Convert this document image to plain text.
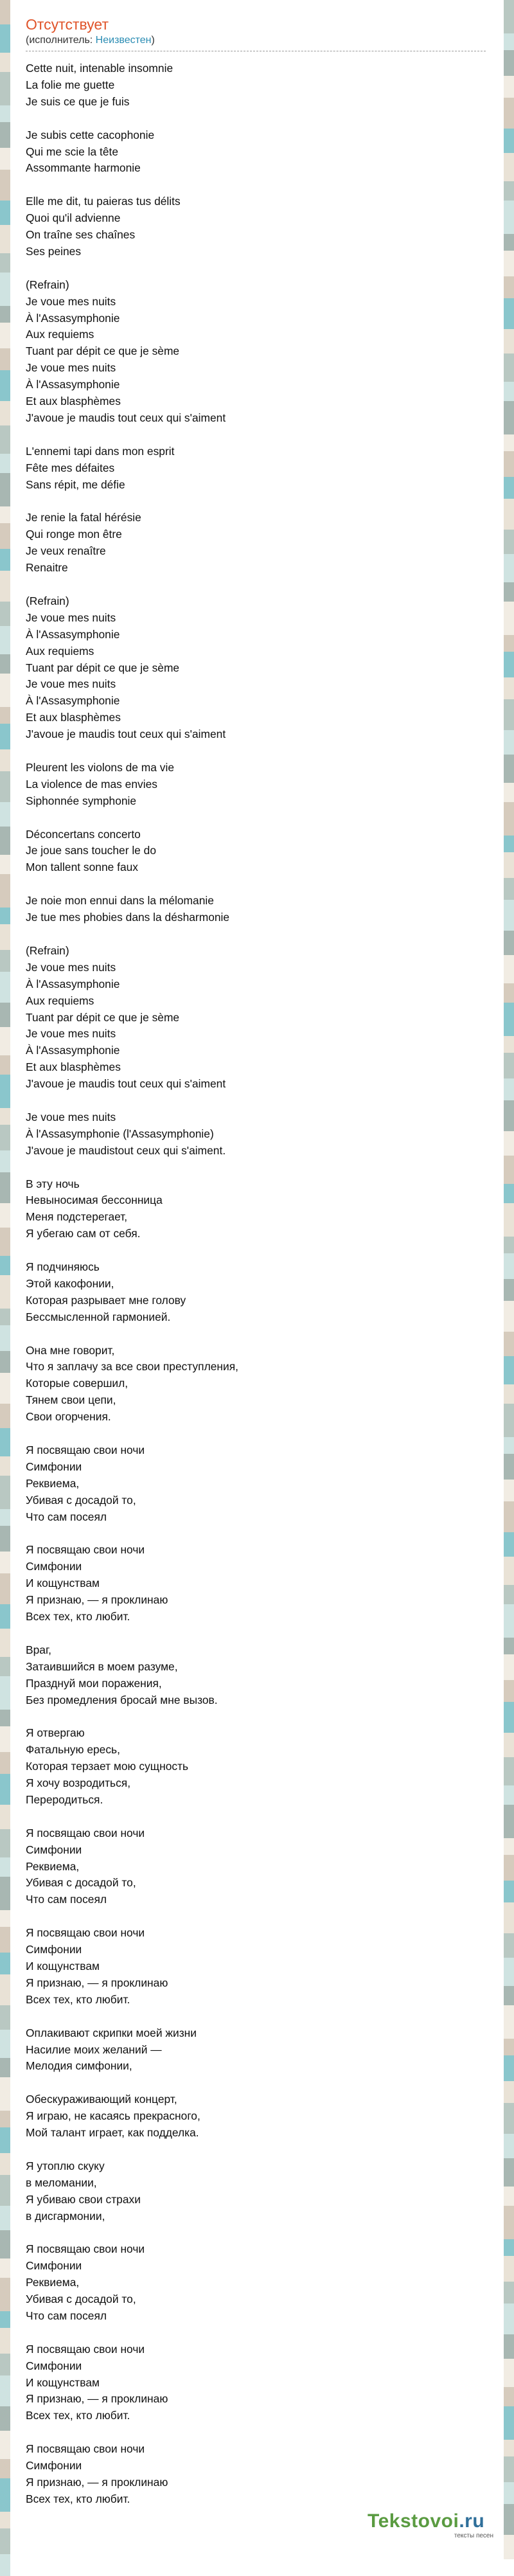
Отсутствует
(исполнитель: Неизвестен)
Cette nuit, intenable insomnie
La folie me guette
Je suis ce que je fuis
Je subis cette cacophonie
Qui me scie la tête
Assommante harmonie
Elle me dit, tu paieras tus délits
Quoi qu'il advienne
On traîne ses chaînes
Ses peines
(Refrain)
Je voue mes nuits
À l'Assasymphonie
Aux requiems
Tuant par dépit ce que je sème
Je voue mes nuits
À l'Assasymphonie
Et aux blasphèmes
J'avoue je maudis tout ceux qui s'aiment
L'ennemi tapi dans mon esprit
Fête mes défaites
Sans répit, me défie
Je renie la fatal hérésie
Qui ronge mon être
Je veux renaître
Renaitre
(Refrain)
Je voue mes nuits
À l'Assasymphonie
Aux requiems
Tuant par dépit ce que je sème
Je voue mes nuits
À l'Assasymphonie
Et aux blasphèmes
J'avoue je maudis tout ceux qui s'aiment
Pleurent les violons de ma vie
La violence de mas envies
Siphonnée symphonie
Déconcertans concerto
Je joue sans toucher le do
Mon tallent sonne faux
Je noie mon ennui dans la mélomanie
Je tue mes phobies dans la désharmonie
(Refrain)
Je voue mes nuits
À l'Assasymphonie
Aux requiems
Tuant par dépit ce que je sème
Je voue mes nuits
À l'Assasymphonie
Et aux blasphèmes
J'avoue je maudis tout ceux qui s'aiment
Je voue mes nuits
À l'Assasymphonie (l'Assasymphonie)
J'avoue je maudistout ceux qui s'aiment.
В эту ночь
Невыносимая бессонница
Меня подстерегает,
Я убегаю сам от себя.
Я подчиняюсь
Этой какофонии,
Которая разрывает мне голову
Бессмысленной гармонией.
Она мне говорит,
Что я заплачу за все свои преступления,
Которые совершил,
Тянем свои цепи,
Свои огорчения.
Я посвящаю свои ночи
Симфонии
Реквиема,
Убивая с досадой то,
Что сам посеял
Я посвящаю свои ночи
Симфонии
И кощунствам
Я признаю, — я проклинаю
Всех тех, кто любит.
Враг,
Затаившийся в моем разуме,
Празднуй мои поражения,
Без промедления бросай мне вызов.
Я отвергаю
Фатальную ересь,
Которая терзает мою сущность
Я хочу возродиться,
Переродиться.
Я посвящаю свои ночи
Симфонии
Реквиема,
Убивая с досадой то,
Что сам посеял
Я посвящаю свои ночи
Симфонии
И кощунствам
Я признаю, — я проклинаю
Всех тех, кто любит.
Оплакивают скрипки моей жизни
Насилие моих желаний —
Мелодия симфонии,
Обескураживающий концерт,
Я играю, не касаясь прекрасного,
Мой талант играет, как подделка.
Я утоплю скуку
в меломании,
Я убиваю свои страхи
в дисгармонии,
Я посвящаю свои ночи
Симфонии
Реквиема,
Убивая с досадой то,
Что сам посеял
Я посвящаю свои ночи
Симфонии
И кощунствам
Я признаю, — я проклинаю
Всех тех, кто любит.
Я посвящаю свои ночи
Симфонии
Я признаю, — я проклинаю
Всех тех, кто любит.
Tekstovoi.ru
тексты песен
